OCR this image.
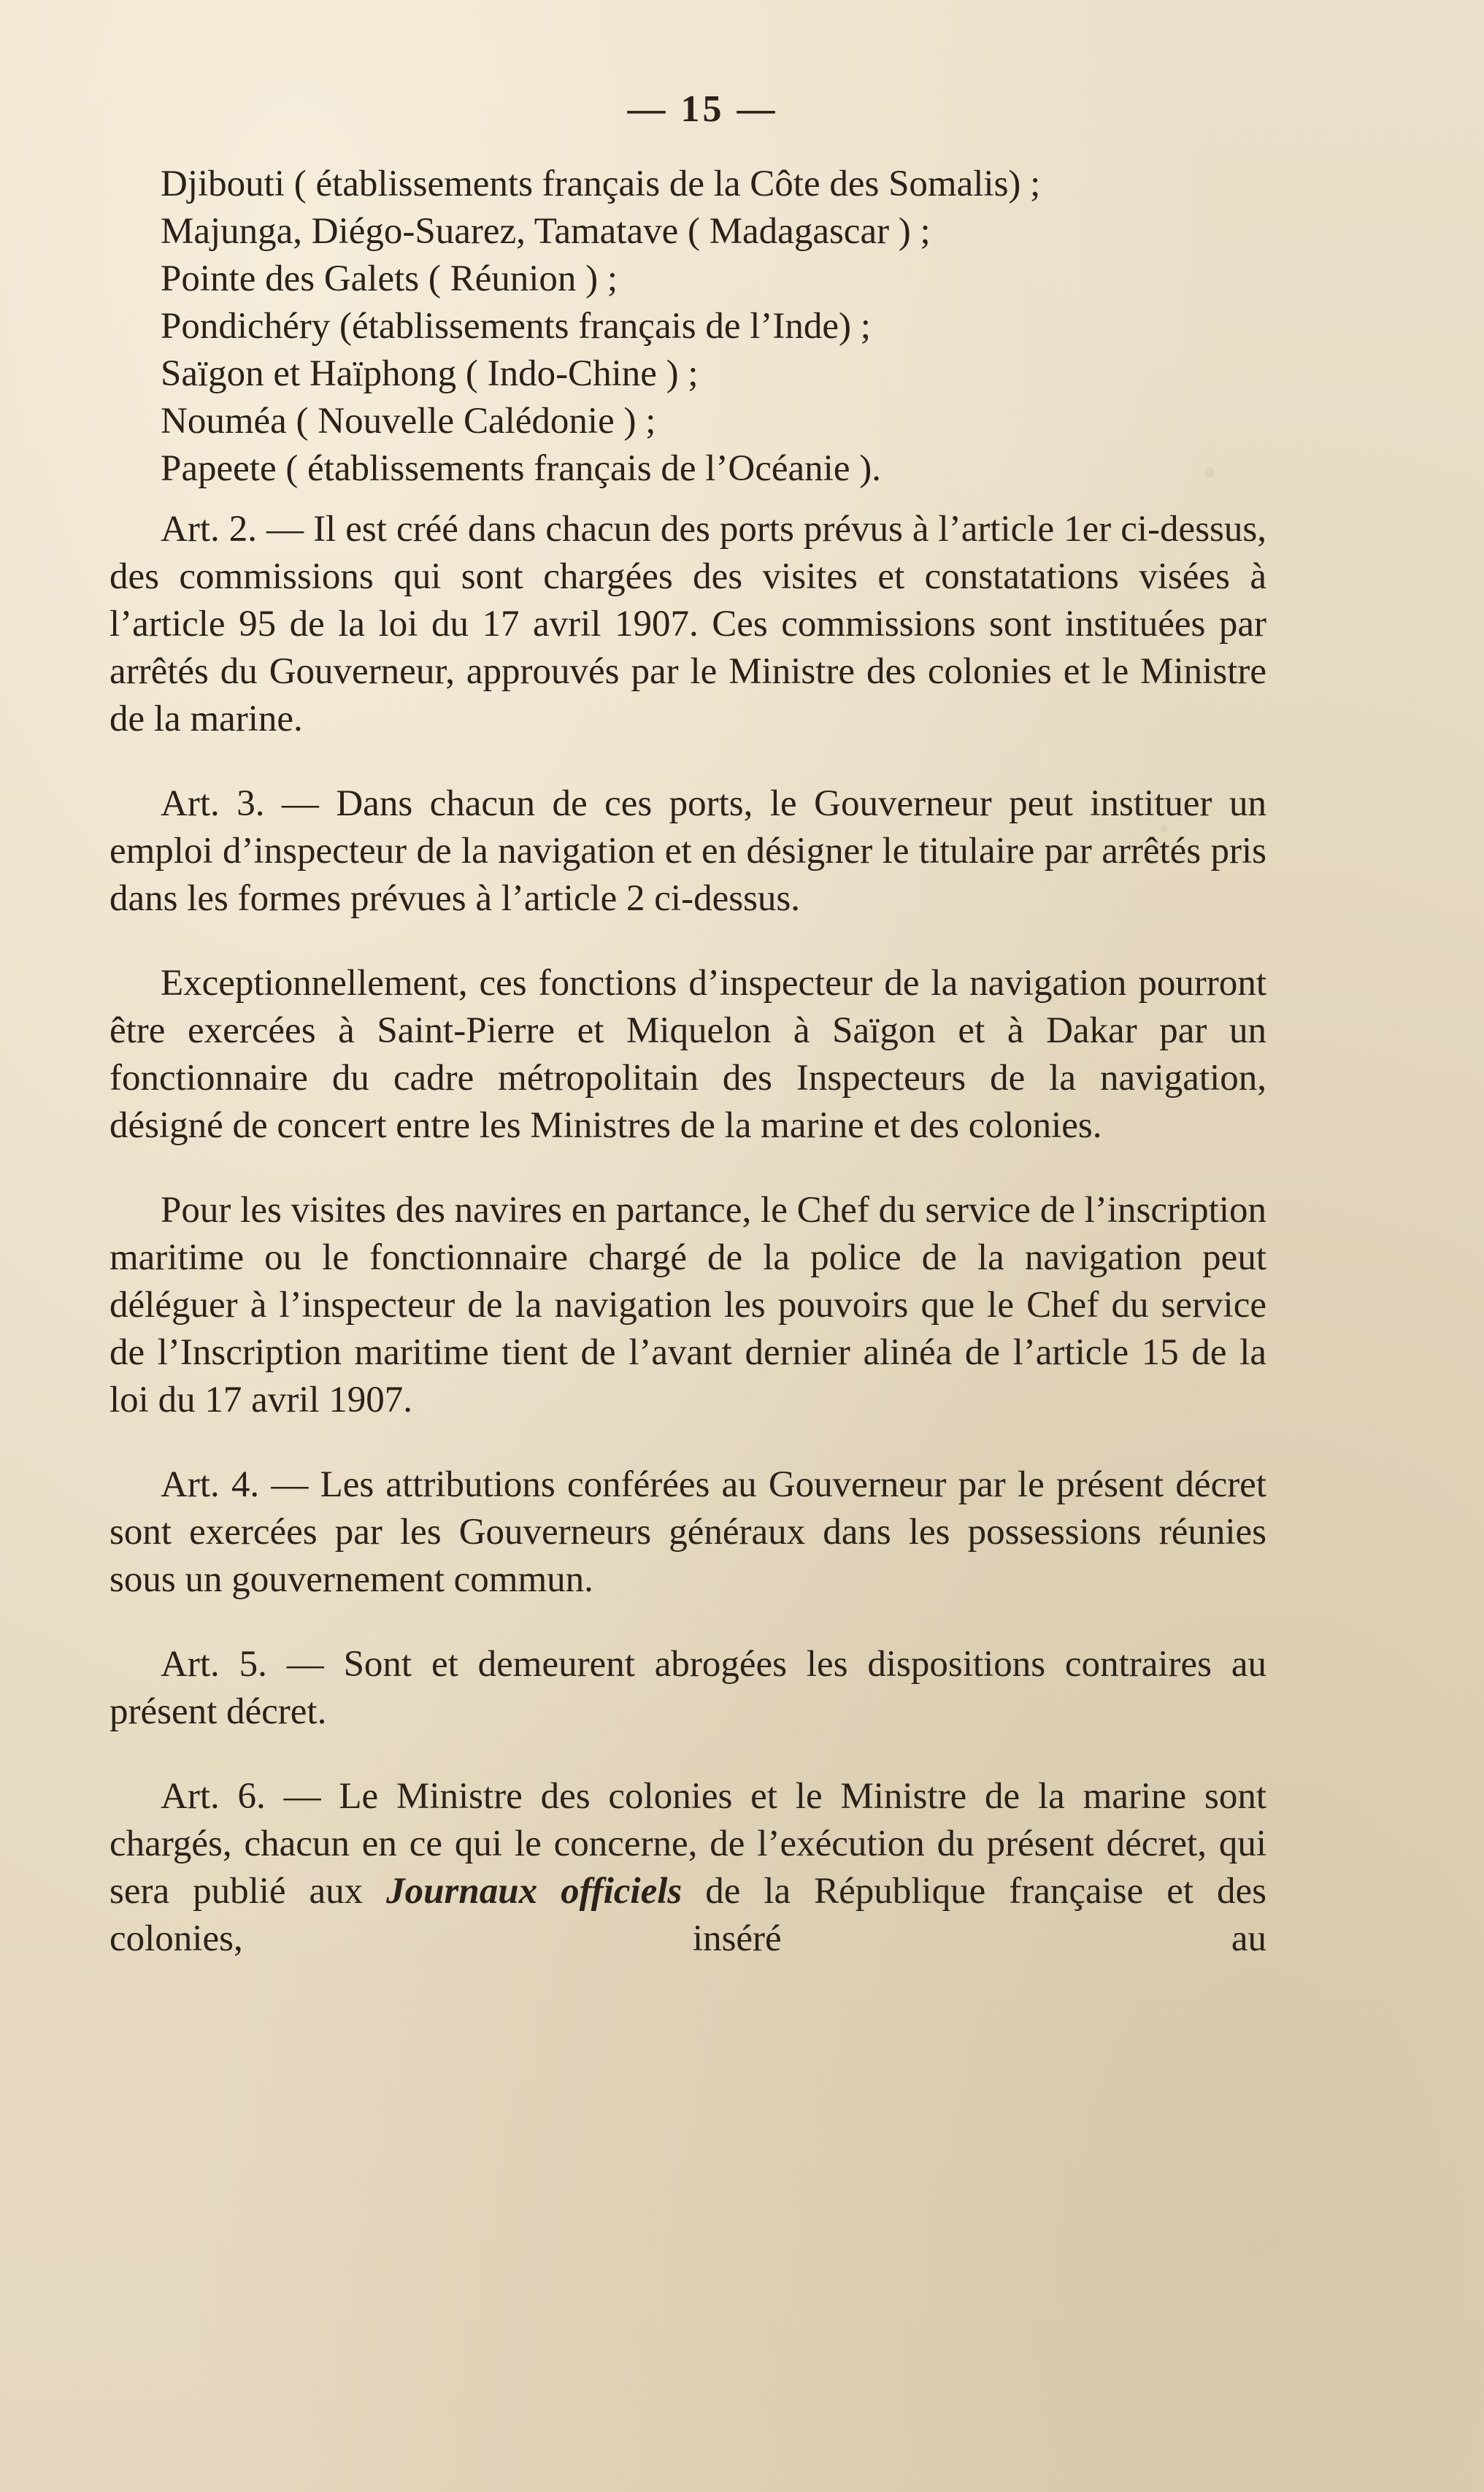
— 15 —
Djibouti ( établissements français de la Côte des Somalis) ;
Majunga, Diégo-Suarez, Tamatave ( Madagascar ) ;
Pointe des Galets ( Réunion ) ;
Pondichéry (établissements français de l’Inde) ;
Saïgon et Haïphong ( Indo-Chine ) ;
Nouméa ( Nouvelle Calédonie ) ;
Papeete ( établissements français de l’Océanie ).

Art. 2. — Il est créé dans chacun des ports prévus à l’article 1er ci-dessus, des commissions qui sont chargées des visites et constatations visées à l’article 95 de la loi du 17 avril 1907. Ces commissions sont instituées par arrêtés du Gouverneur, approuvés par le Ministre des colonies et le Ministre de la marine.

Art. 3. — Dans chacun de ces ports, le Gouverneur peut instituer un emploi d’inspecteur de la navigation et en désigner le titulaire par arrêtés pris dans les formes prévues à l’article 2 ci-dessus.

Exceptionnellement, ces fonctions d’inspecteur de la navigation pourront être exercées à Saint-Pierre et Miquelon à Saïgon et à Dakar par un fonctionnaire du cadre métropolitain des Inspecteurs de la navigation, désigné de concert entre les Ministres de la marine et des colonies.

Pour les visites des navires en partance, le Chef du service de l’inscription maritime ou le fonctionnaire chargé de la police de la navigation peut déléguer à l’inspecteur de la navigation les pouvoirs que le Chef du service de l’Inscription maritime tient de l’avant dernier alinéa de l’article 15 de la loi du 17 avril 1907.

Art. 4. — Les attributions conférées au Gouverneur par le présent décret sont exercées par les Gouverneurs généraux dans les possessions réunies sous un gouvernement commun.

Art. 5. — Sont et demeurent abrogées les dispositions contraires au présent décret.

Art. 6. — Le Ministre des colonies et le Ministre de la marine sont chargés, chacun en ce qui le concerne, de l’exécution du présent décret, qui sera publié aux Journaux officiels de la République française et des colonies, inséré au
